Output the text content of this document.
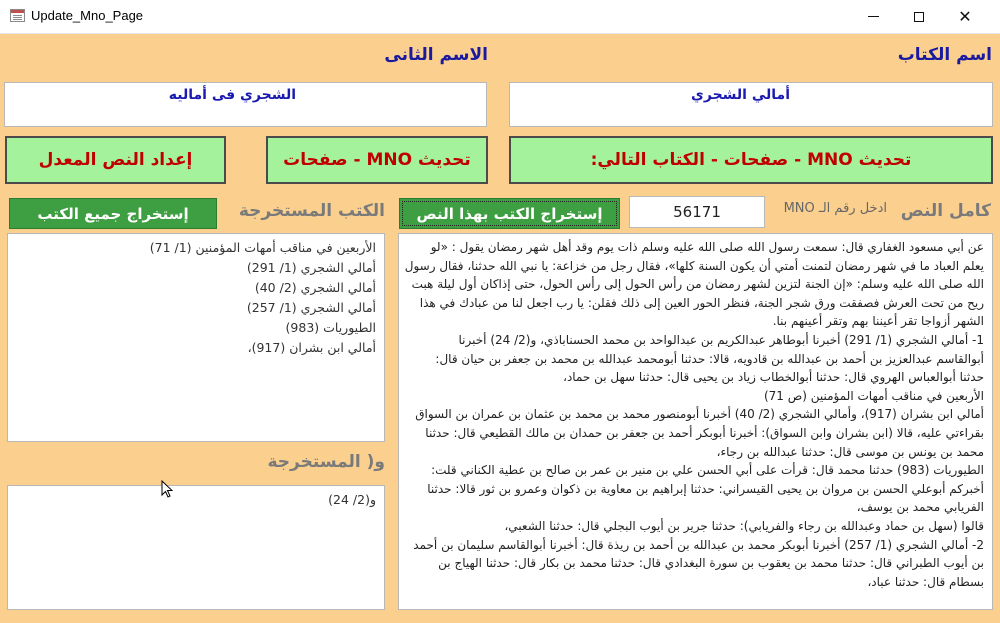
Update_Mno_Page	✕
اسم الكتاب
الاسم الثانى
أمالي الشجري
الشجري فى أماليه
تحديث MNO - صفحات - الكتاب التالي:
تحديث MNO - صفحات
إعداد النص المعدل
كامل النص
ادخل رقم الـ MNO
56171
إستخراج الكتب بهذا النص
الكتب المستخرجة
إستخراج جميع الكتب

عن أبي مسعود الغفاري قال: سمعت رسول الله صلى الله عليه وسلم ذات يوم وقد أهل شهر رمضان يقول : «لو

يعلم العباد ما في شهر رمضان لتمنت أمتي أن يكون السنة كلها»، فقال رجل من خزاعة: يا نبي الله حدثنا، فقال رسول

الله صلى الله عليه وسلم: «إن الجنة لتزين لشهر رمضان من رأس الحول إلى رأس الحول، حتى إذاكان أول ليلة هبت

ريح من تحت العرش فصفقت ورق شجر الجنة، فنظر الحور العين إلى ذلك فقلن: يا رب اجعل لنا من عبادك في هذا

الشهر أزواجا تقر أعيننا بهم وتقر أعينهم بنا.

1- أمالي الشجري (1/ 291) أخبرنا أبوطاهر عبدالكريم بن عبدالواحد بن محمد الحسناباذي، و(2/ 24) أخبرنا

أبوالقاسم عبدالعزيز بن أحمد بن عبدالله بن قادويه، قالا: حدثنا أبومحمد عبدالله بن محمد بن جعفر بن حيان قال:

حدثنا أبوالعباس الهروي قال: حدثنا أبوالخطاب زياد بن يحيى قال: حدثنا سهل بن حماد،

الأربعين في مناقب أمهات المؤمنين (ص 71)

أمالي ابن بشران (917)، وأمالي الشجري (2/ 40) أخبرنا أبومنصور محمد بن محمد بن عثمان بن عمران بن السواق

بقراءتي عليه، قالا (ابن بشران وابن السواق): أخبرنا أبوبكر أحمد بن جعفر بن حمدان بن مالك القطيعي قال: حدثنا

محمد بن يونس بن موسى قال: حدثنا عبدالله بن رجاء،

الطيوريات (983) حدثنا محمد قال: قرأت على أبي الحسن علي بن منير بن عمر بن صالح بن عطية الكناني قلت:

أخبركم أبوعلي الحسن بن مروان بن يحيى القيسراني: حدثنا إبراهيم بن معاوية بن ذكوان وعمرو بن ثور قالا: حدثنا

الفريابي محمد بن يوسف،

قالوا (سهل بن حماد وعبدالله بن رجاء والفريابي): حدثنا جرير بن أيوب البجلي قال: حدثنا الشعبي،

2- أمالي الشجري (1/ 257) أخبرنا أبوبكر محمد بن عبدالله بن أحمد بن ريذة قال: أخبرنا أبوالقاسم سليمان بن أحمد

بن أيوب الطبراني قال: حدثنا محمد بن يعقوب بن سورة البغدادي قال: حدثنا محمد بن بكار قال: حدثنا الهياج بن

بسطام قال: حدثنا عباد،

الأربعين في مناقب أمهات المؤمنين (1/ 71)
أمالي الشجري (1/ 291)
أمالي الشجري (2/ 40)
أمالي الشجري (1/ 257)
الطيوريات (983)
أمالي ابن بشران (917)،
و( المستخرجة
و(2/ 24)
